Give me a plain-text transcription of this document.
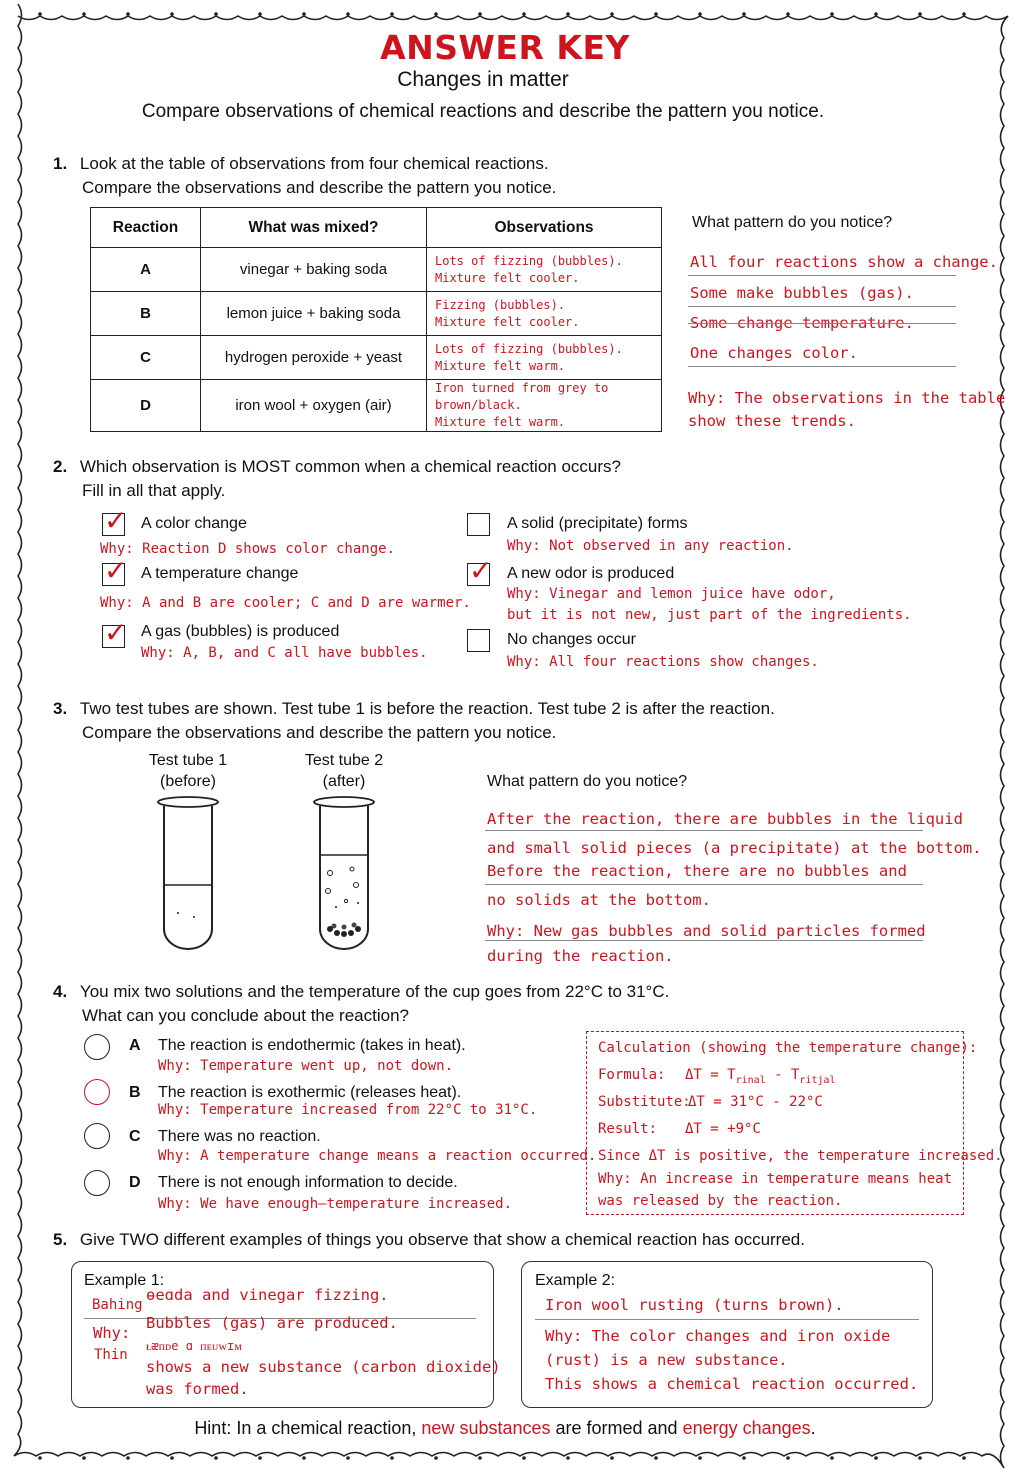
ANSWER KEY
Changes in matter
Compare observations of chemical reactions and describe the pattern you notice.
1. Look at the table of observations from four chemical reactions.
Compare the observations and describe the pattern you notice.
Reaction	What was mixed?	Observations
A	vinegar + baking soda	Lots of fizzing (bubbles).
Mixture felt cooler.
B	lemon juice + baking soda	Fizzing (bubbles).
Mixture felt cooler.
C	hydrogen peroxide + yeast	Lots of fizzing (bubbles).
Mixture felt warm.
D	iron wool + oxygen (air)	Iron turned from grey to brown/black.
Mixture felt warm.
What pattern do you notice?
All four reactions show a change.
Some make bubbles (gas).
Some change temperature.
One changes color.
Why: The observations in the table
show these trends.
2. Which observation is MOST common when a chemical reaction occurs?
Fill in all that apply.
✓ A color change
Why: Reaction D shows color change.
✓ A temperature change
Why: A and B are cooler; C and D are warmer.
✓ A gas (bubbles) is produced
Why: A, B, and C all have bubbles.
A solid (precipitate) forms
Why: Not observed in any reaction.
✓ A new odor is produced
Why: Vinegar and lemon juice have odor,
but it is not new, just part of the ingredients.
No changes occur
Why: All four reactions show changes.
3. Two test tubes are shown. Test tube 1 is before the reaction. Test tube 2 is after the reaction.
Compare the observations and describe the pattern you notice.
Test tube 1
(before)
Test tube 2
(after)	What pattern do you notice?
After the reaction, there are bubbles in the liquid
and small solid pieces (a precipitate) at the bottom.
Before the reaction, there are no bubbles and
no solids at the bottom.
Why: New gas bubbles and solid particles formed
during the reaction.
4. You mix two solutions and the temperature of the cup goes from 22°C to 31°C.
What can you conclude about the reaction?
A The reaction is endothermic (takes in heat).
Why: Temperature went up, not down.
B The reaction is exothermic (releases heat).
Why: Temperature increased from 22°C to 31°C.
C There was no reaction.
Why: A temperature change means a reaction occurred.
D There is not enough information to decide.
Why: We have enough—temperature increased.
Calculation (showing the temperature change):
Formula: $\Delta T = T_{rinal} - T_{ritjal}$
Substitute:
ΔT = 31°C - 22°C
Result: ΔT = +9°C
Since ΔT is positive, the temperature increased.
Why: An increase in temperature means heat
was released by the reaction.
5. Give TWO different examples of things you observe that show a chemical reaction has occurred.
Example 1:
Bahi̇ng
ѳeɑda and vinegar fizzing.
Why:
Bubbles (gas) are produced.
Thin
ᴌᴂᴨᴅe ɑ ᴨᴇᴜᴡɪᴍ
shows a new substance (carbon dioxide)
was formed.
Example 2:
Iron wool rusting (turns brown).
Why: The color changes and iron oxide
(rust) is a new substance.
This shows a chemical reaction occurred.
Hint: In a chemical reaction, new substances are formed and energy changes.
